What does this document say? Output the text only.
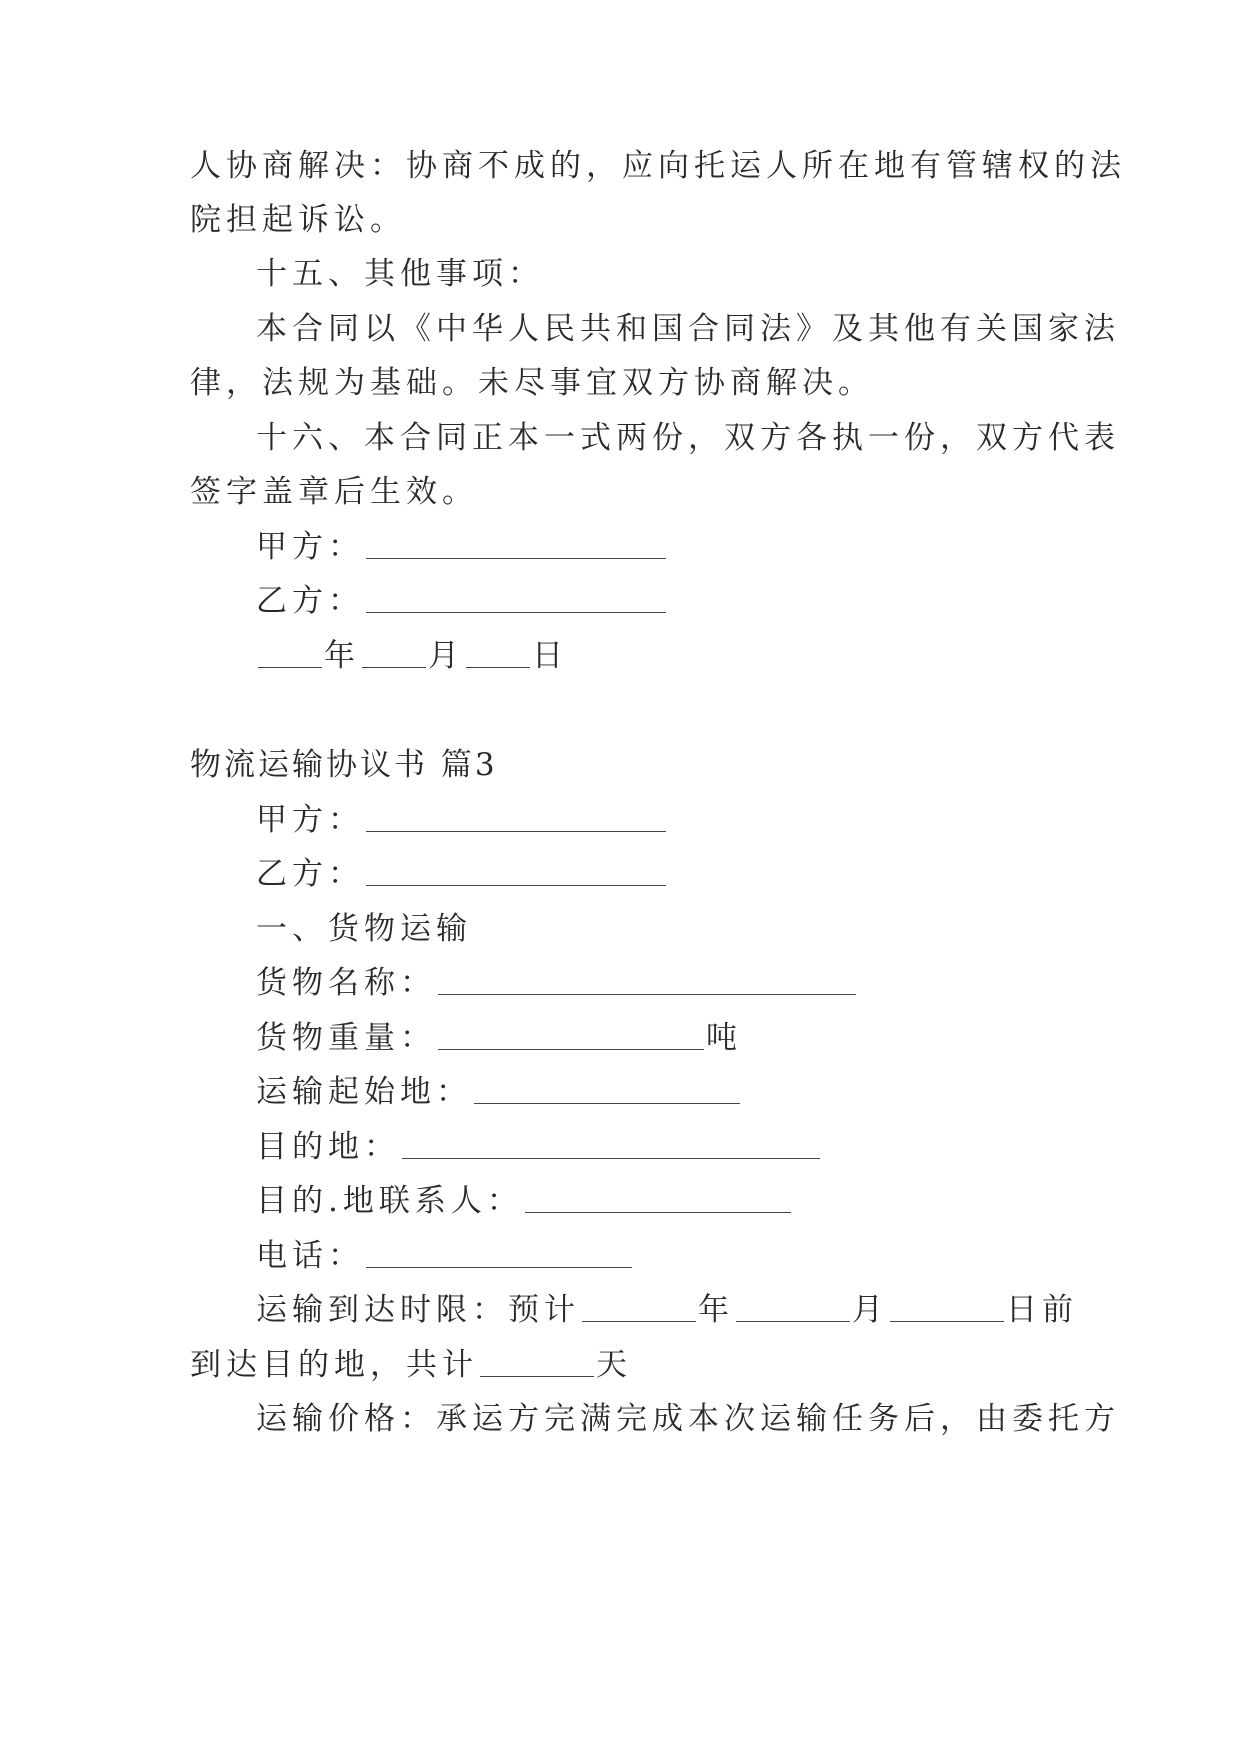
人协商解决：协商不成的，应向托运人所在地有管辖权的法
院担起诉讼。
十五、其他事项：
本合同以《中华人民共和国合同法》及其他有关国家法
律，法规为基础。未尽事宜双方协商解决。
十六、本合同正本一式两份，双方各执一份，双方代表
签字盖章后生效。
甲方：
乙方：
年 月 日
物流运输协议书 篇3
甲方：
乙方：
一、货物运输
货物名称：
货物重量：	吨
运输起始地：
目的地：
目的.地联系人：
电话：
运输到达时限：预计	年	月	日前
到达目的地，共计	天
运输价格：承运方完满完成本次运输任务后，由委托方
